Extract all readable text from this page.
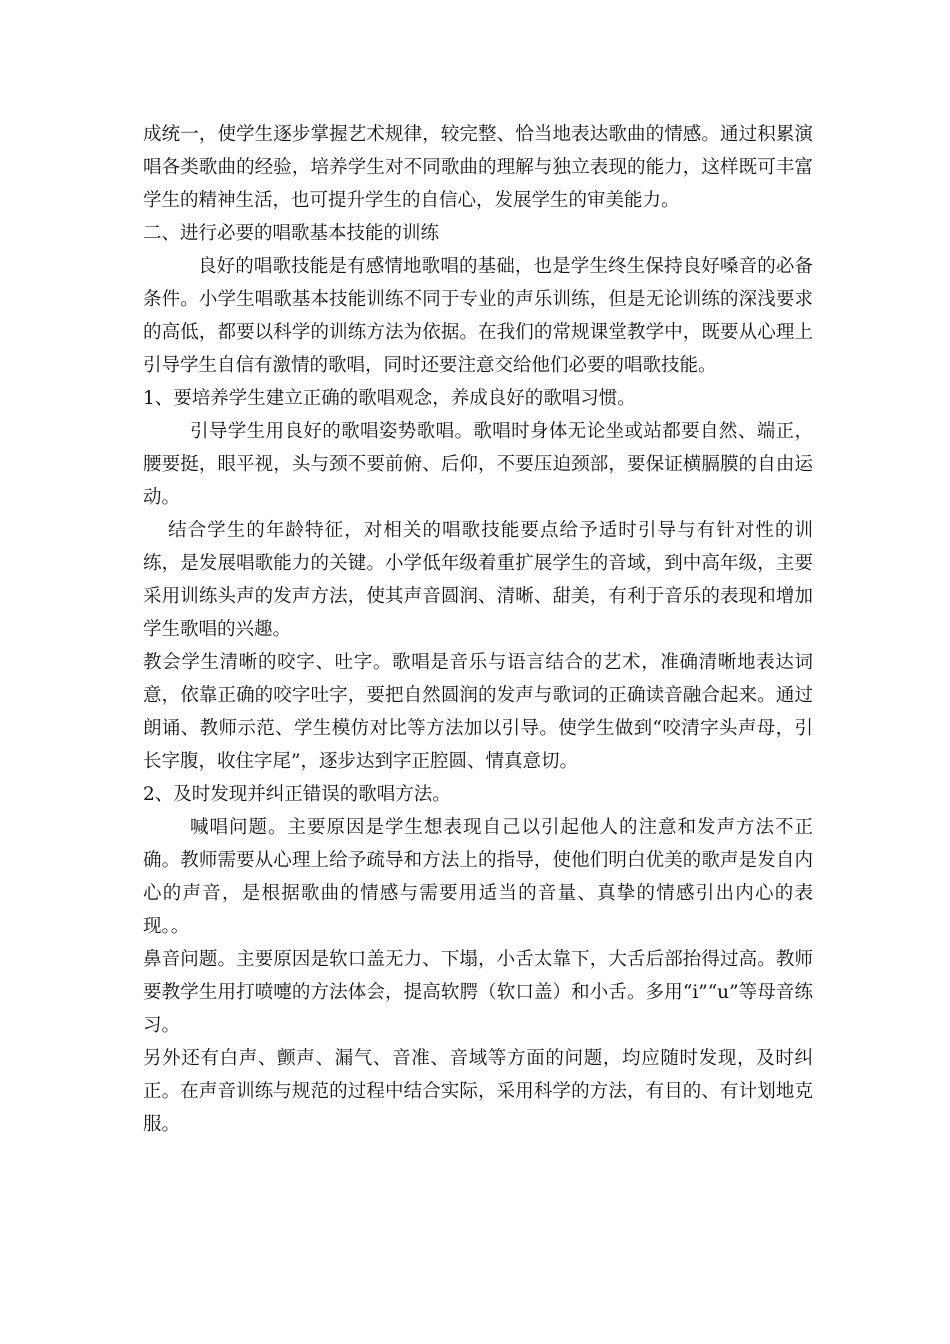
成统一，使学生逐步掌握艺术规律，较完整、恰当地表达歌曲的情感。通过积累演唱各类歌曲的经验，培养学生对不同歌曲的理解与独立表现的能力，这样既可丰富学生的精神生活，也可提升学生的自信心，发展学生的审美能力。

二、进行必要的唱歌基本技能的训练

良好的唱歌技能是有感情地歌唱的基础，也是学生终生保持良好嗓音的必备条件。小学生唱歌基本技能训练不同于专业的声乐训练，但是无论训练的深浅要求的高低，都要以科学的训练方法为依据。在我们的常规课堂教学中，既要从心理上引导学生自信有激情的歌唱，同时还要注意交给他们必要的唱歌技能。

1、要培养学生建立正确的歌唱观念，养成良好的歌唱习惯。

引导学生用良好的歌唱姿势歌唱。歌唱时身体无论坐或站都要自然、端正，腰要挺，眼平视，头与颈不要前俯、后仰，不要压迫颈部，要保证横膈膜的自由运动。

结合学生的年龄特征，对相关的唱歌技能要点给予适时引导与有针对性的训练，是发展唱歌能力的关键。小学低年级着重扩展学生的音域，到中高年级，主要采用训练头声的发声方法，使其声音圆润、清晰、甜美，有利于音乐的表现和增加学生歌唱的兴趣。

教会学生清晰的咬字、吐字。歌唱是音乐与语言结合的艺术，准确清晰地表达词意，依靠正确的咬字吐字，要把自然圆润的发声与歌词的正确读音融合起来。通过朗诵、教师示范、学生模仿对比等方法加以引导。使学生做到“咬清字头声母，引长字腹，收住字尾”，逐步达到字正腔圆、情真意切。

2、及时发现并纠正错误的歌唱方法。

喊唱问题。主要原因是学生想表现自己以引起他人的注意和发声方法不正确。教师需要从心理上给予疏导和方法上的指导，使他们明白优美的歌声是发自内心的声音，是根据歌曲的情感与需要用适当的音量、真挚的情感引出内心的表现。。

鼻音问题。主要原因是软口盖无力、下塌，小舌太靠下，大舌后部抬得过高。教师要教学生用打喷嚏的方法体会，提高软腭（软口盖）和小舌。多用“i”“u”等母音练习。

另外还有白声、颤声、漏气、音准、音域等方面的问题，均应随时发现，及时纠正。在声音训练与规范的过程中结合实际，采用科学的方法，有目的、有计划地克服。
